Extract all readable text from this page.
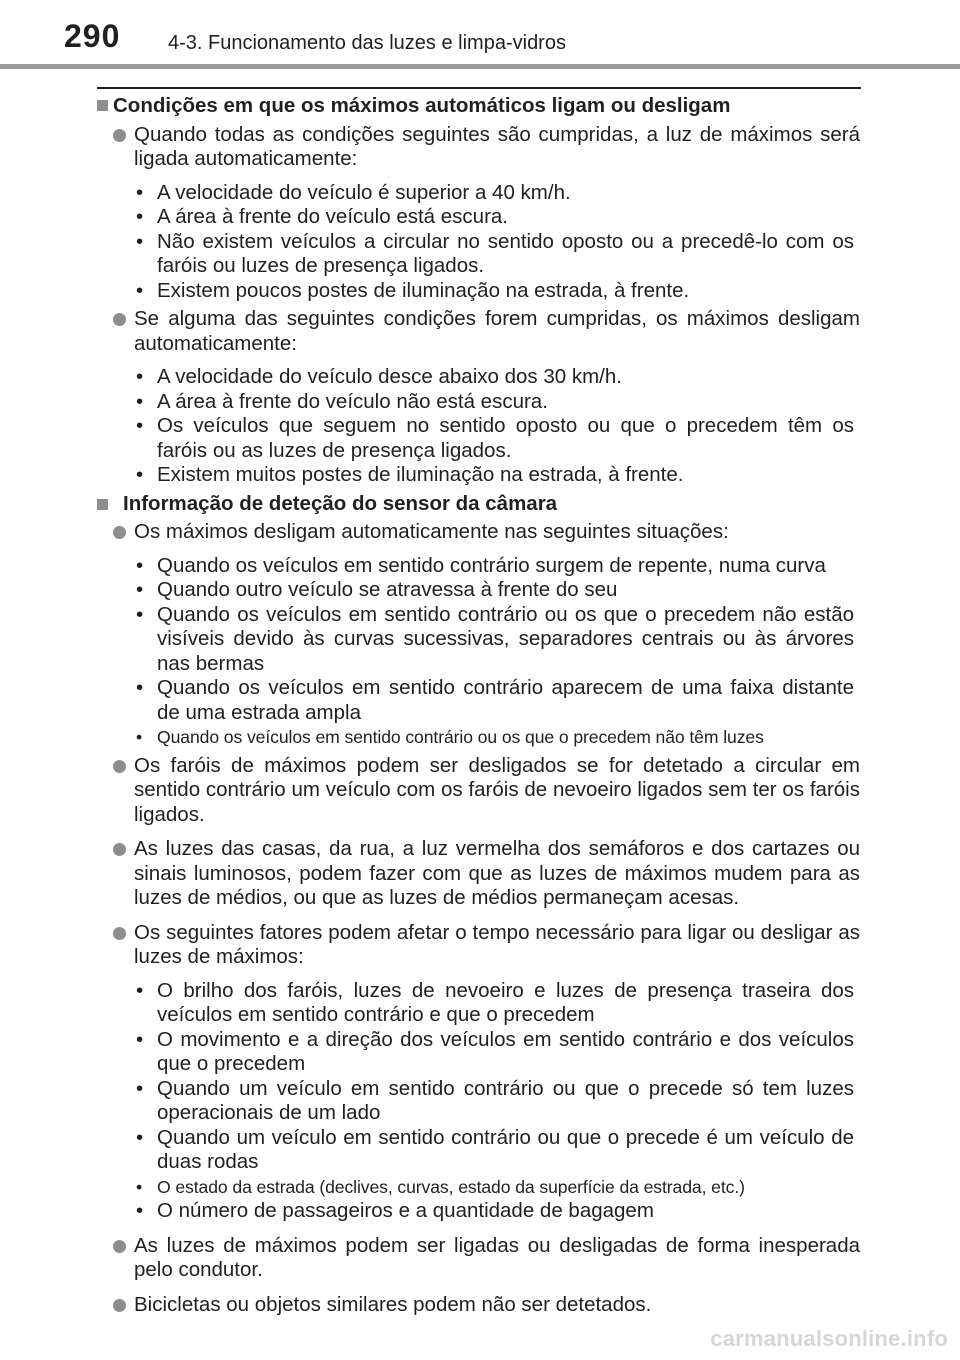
290 4-3. Funcionamento das luzes e limpa-vidros
Condições em que os máximos automáticos ligam ou desligam
Quando todas as condições seguintes são cumpridas, a luz de máximos será ligada automaticamente:
• A velocidade do veículo é superior a 40 km/h.
• A área à frente do veículo está escura.
• Não existem veículos a circular no sentido oposto ou a precedê-lo com os faróis ou luzes de presença ligados.
• Existem poucos postes de iluminação na estrada, à frente.
Se alguma das seguintes condições forem cumpridas, os máximos desligam automaticamente:
• A velocidade do veículo desce abaixo dos 30 km/h.
• A área à frente do veículo não está escura.
• Os veículos que seguem no sentido oposto ou que o precedem têm os faróis ou as luzes de presença ligados.
• Existem muitos postes de iluminação na estrada, à frente.
Informação de deteção do sensor da câmara
Os máximos desligam automaticamente nas seguintes situações:
• Quando os veículos em sentido contrário surgem de repente, numa curva
• Quando outro veículo se atravessa à frente do seu
• Quando os veículos em sentido contrário ou os que o precedem não estão visíveis devido às curvas sucessivas, separadores centrais ou às árvores nas bermas
• Quando os veículos em sentido contrário aparecem de uma faixa distante de uma estrada ampla
• Quando os veículos em sentido contrário ou os que o precedem não têm luzes
Os faróis de máximos podem ser desligados se for detetado a circular em sentido contrário um veículo com os faróis de nevoeiro ligados sem ter os faróis ligados.
As luzes das casas, da rua, a luz vermelha dos semáforos e dos cartazes ou sinais luminosos, podem fazer com que as luzes de máximos mudem para as luzes de médios, ou que as luzes de médios permaneçam acesas.
Os seguintes fatores podem afetar o tempo necessário para ligar ou desligar as luzes de máximos:
• O brilho dos faróis, luzes de nevoeiro e luzes de presença traseira dos veículos em sentido contrário e que o precedem
• O movimento e a direção dos veículos em sentido contrário e dos veículos que o precedem
• Quando um veículo em sentido contrário ou que o precede só tem luzes operacionais de um lado
• Quando um veículo em sentido contrário ou que o precede é um veículo de duas rodas
• O estado da estrada (declives, curvas, estado da superfície da estrada, etc.)
• O número de passageiros e a quantidade de bagagem
As luzes de máximos podem ser ligadas ou desligadas de forma inesperada pelo condutor.
Bicicletas ou objetos similares podem não ser detetados.
carmanualsonline.info
